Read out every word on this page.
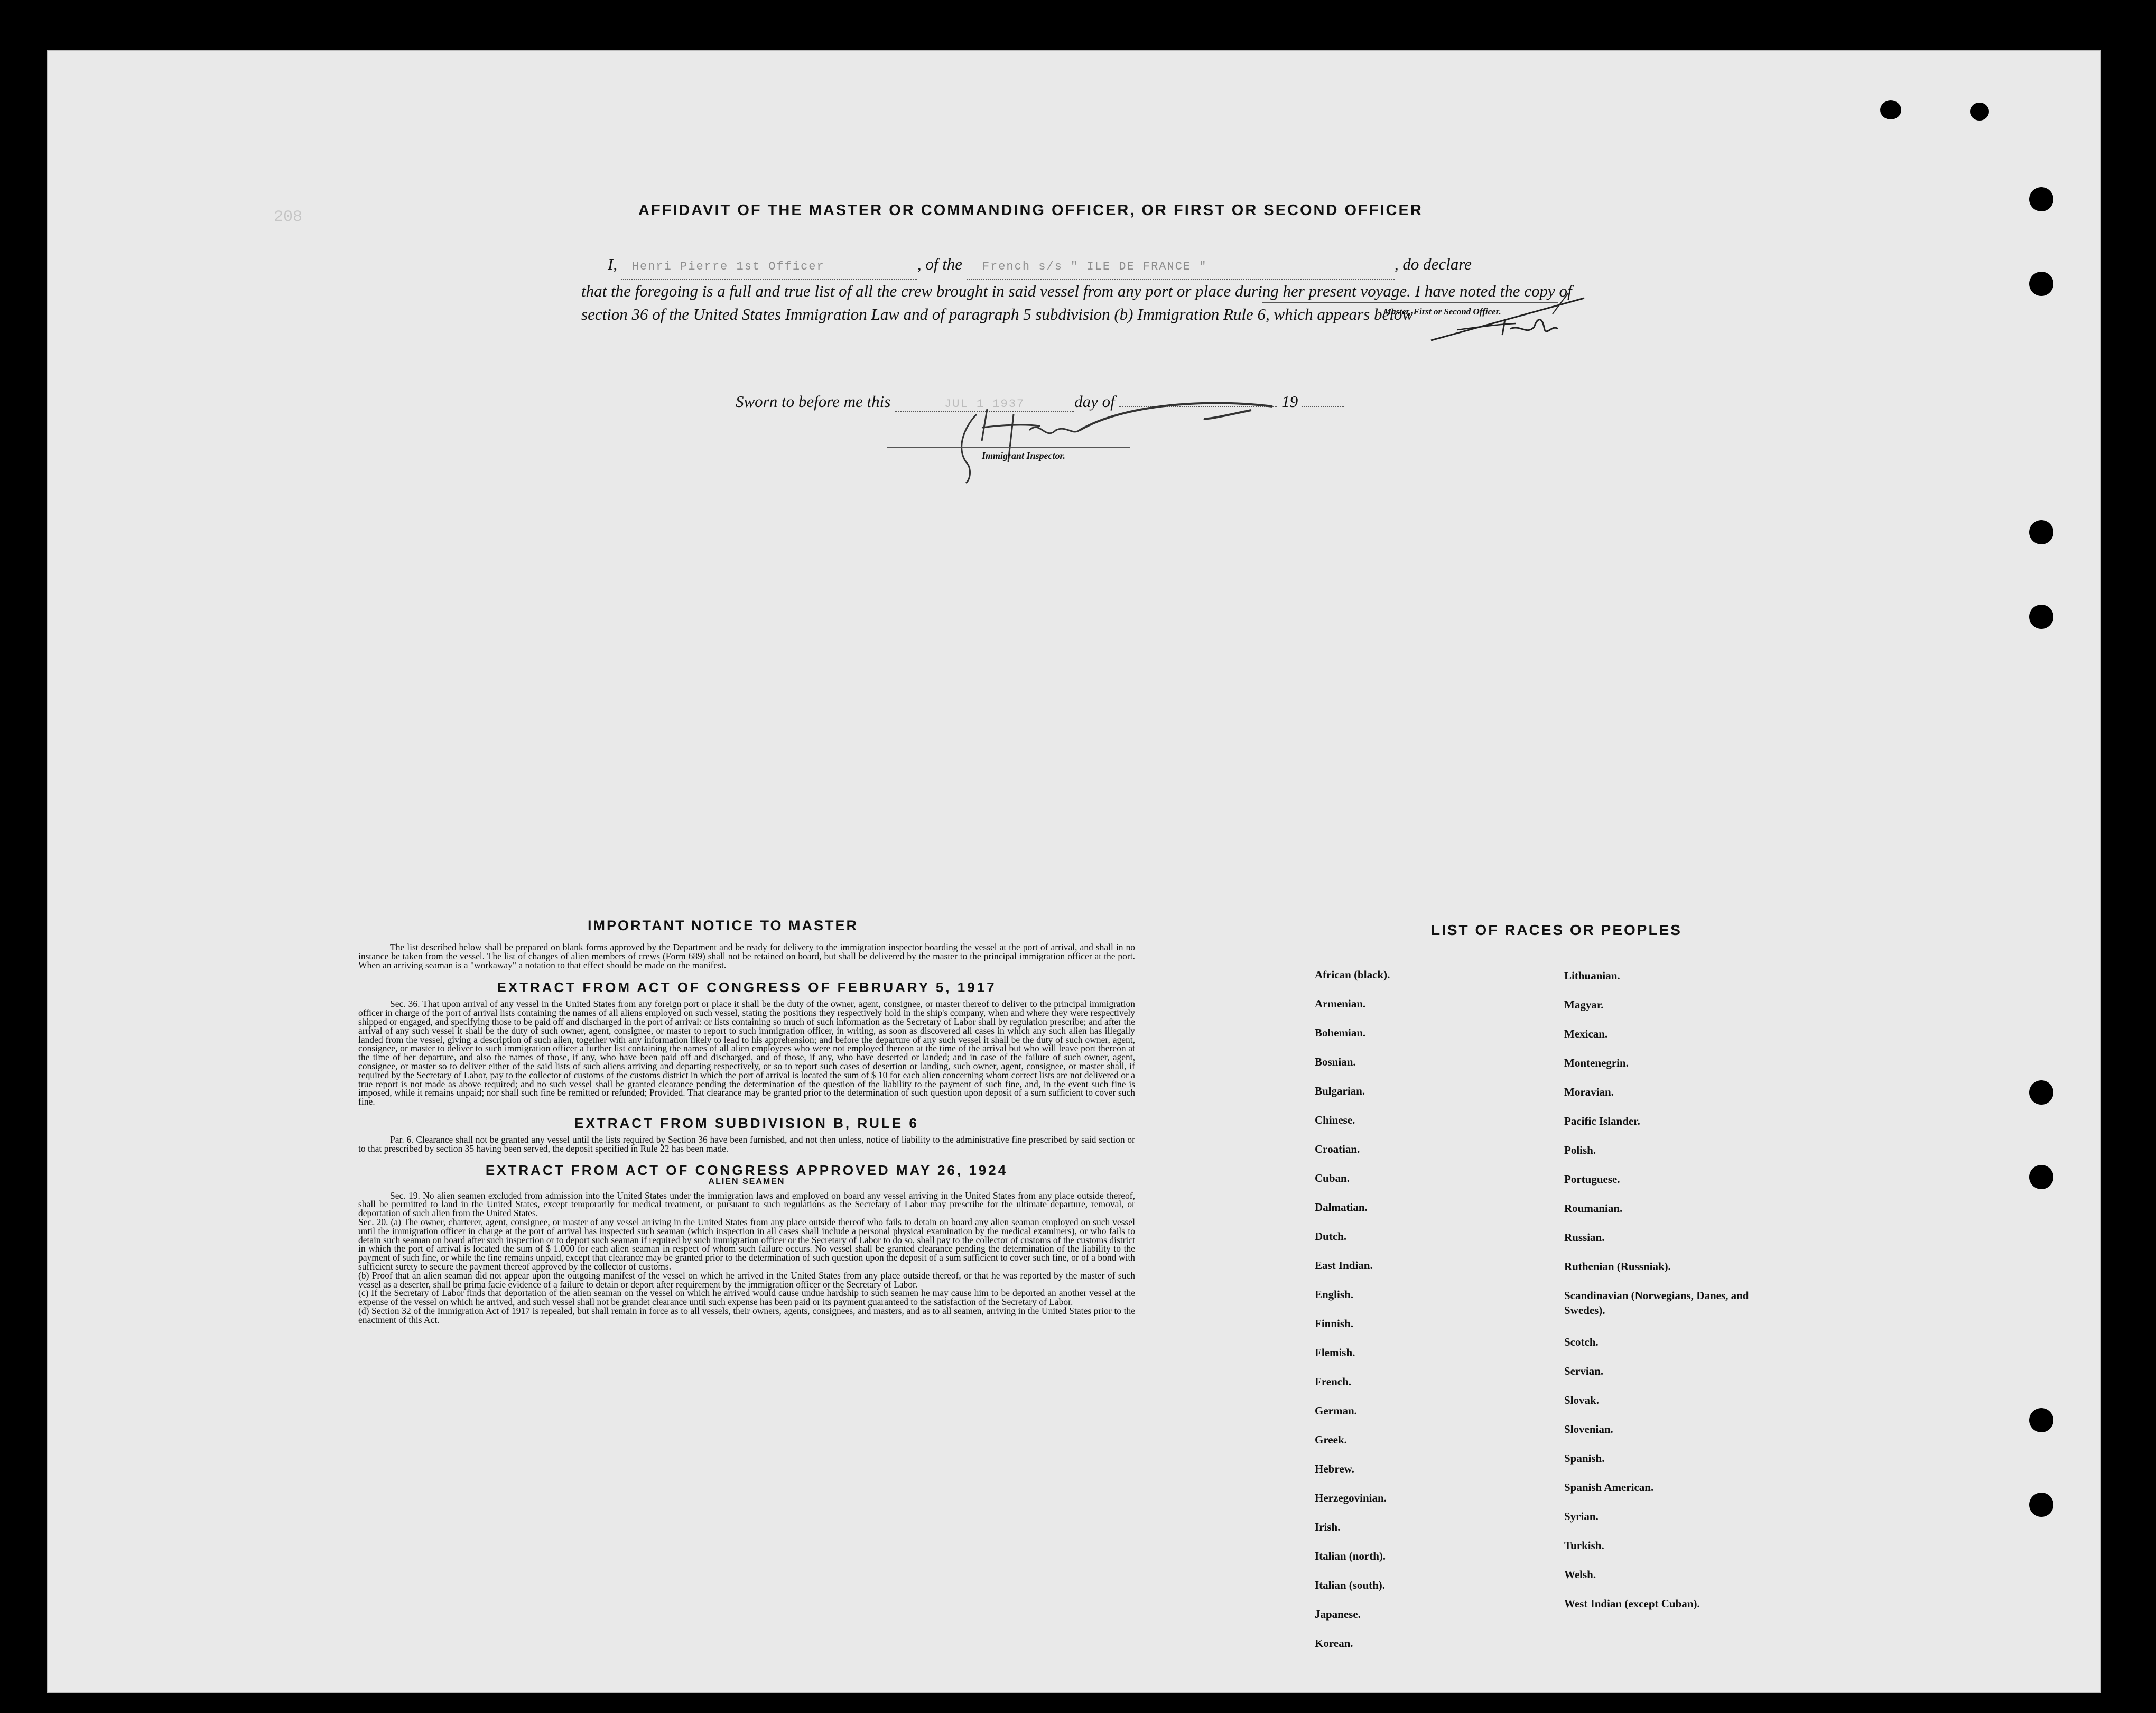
208	AFFIDAVIT OF THE MASTER OR COMMANDING OFFICER, OR FIRST OR SECOND OFFICER
I, Henri Pierre 1st Officer	, of the French s/s " ILE DE FRANCE "	, do declare
that the foregoing is a full and true list of all the crew brought in said vessel from any port or place during her present voyage. I have noted the copy of section 36 of the United States Immigration Law and of paragraph 5 subdivision (b) Immigration Rule 6, which appears below
Master, First or Second Officer.
Sworn to before me this	JUL 1 1937	day of	19
Immigrant Inspector.

IMPORTANT NOTICE TO MASTER
The list described below shall be prepared on blank forms approved by the Department and be ready for delivery to the immigration inspector boarding the vessel at the port of arrival, and shall in no instance be taken from the vessel. The list of changes of alien members of crews (Form 689) shall not be retained on board, but shall be delivered by the master to the principal immigration officer at the port. When an arriving seaman is a "workaway" a notation to that effect should be made on the manifest.
EXTRACT FROM ACT OF CONGRESS OF FEBRUARY 5, 1917
Sec. 36. That upon arrival of any vessel in the United States from any foreign port or place it shall be the duty of the owner, agent, consignee, or master thereof to deliver to the principal immigration officer in charge of the port of arrival lists containing the names of all aliens employed on such vessel, stating the positions they respectively hold in the ship's company, when and where they were respectively shipped or engaged, and specifying those to be paid off and discharged in the port of arrival: or lists containing so much of such information as the Secretary of Labor shall by regulation prescribe; and after the arrival of any such vessel it shall be the duty of such owner, agent, consignee, or master to report to such immigration officer, in writing, as soon as discovered all cases in which any such alien has illegally landed from the vessel, giving a description of such alien, together with any information likely to lead to his apprehension; and before the departure of any such vessel it shall be the duty of such owner, agent, consignee, or master to deliver to such immigration officer a further list containing the names of all alien employees who were not employed thereon at the time of the arrival but who will leave port thereon at the time of her departure, and also the names of those, if any, who have been paid off and discharged, and of those, if any, who have deserted or landed; and in case of the failure of such owner, agent, consignee, or master so to deliver either of the said lists of such aliens arriving and departing respectively, or so to report such cases of desertion or landing, such owner, agent, consignee, or master shall, if required by the Secretary of Labor, pay to the collector of customs of the customs district in which the port of arrival is located the sum of $ 10 for each alien concerning whom correct lists are not delivered or a true report is not made as above required; and no such vessel shall be granted clearance pending the determination of the question of the liability to the payment of such fine, and, in the event such fine is imposed, while it remains unpaid; nor shall such fine be remitted or refunded; Provided. That clearance may be granted prior to the determination of such question upon deposit of a sum sufficient to cover such fine.
EXTRACT FROM SUBDIVISION B, RULE 6
Par. 6. Clearance shall not be granted any vessel until the lists required by Section 36 have been furnished, and not then unless, notice of liability to the administrative fine prescribed by said section or to that prescribed by section 35 having been served, the deposit specified in Rule 22 has been made.
EXTRACT FROM ACT OF CONGRESS APPROVED MAY 26, 1924
ALIEN SEAMEN
Sec. 19. No alien seamen excluded from admission into the United States under the immigration laws and employed on board any vessel arriving in the United States from any place outside thereof, shall be permitted to land in the United States, except temporarily for medical treatment, or pursuant to such regulations as the Secretary of Labor may prescribe for the ultimate departure, removal, or deportation of such alien from the United States.
Sec. 20. (a) The owner, charterer, agent, consignee, or master of any vessel arriving in the United States from any place outside thereof who fails to detain on board any alien seaman employed on such vessel until the immigration officer in charge at the port of arrival has inspected such seaman (which inspection in all cases shall include a personal physical examination by the medical examiners), or who fails to detain such seaman on board after such inspection or to deport such seaman if required by such immigration officer or the Secretary of Labor to do so, shall pay to the collector of customs of the customs district in which the port of arrival is located the sum of $ 1.000 for each alien seaman in respect of whom such failure occurs. No vessel shall be granted clearance pending the determination of the liability to the payment of such fine, or while the fine remains unpaid, except that clearance may be granted prior to the determination of such question upon the deposit of a sum sufficient to cover such fine, or of a bond with sufficient surety to secure the payment thereof approved by the collector of customs.
(b) Proof that an alien seaman did not appear upon the outgoing manifest of the vessel on which he arrived in the United States from any place outside thereof, or that he was reported by the master of such vessel as a deserter, shall be prima facie evidence of a failure to detain or deport after requirement by the immigration officer or the Secretary of Labor.
(c) If the Secretary of Labor finds that deportation of the alien seaman on the vessel on which he arrived would cause undue hardship to such seamen he may cause him to be deported an another vessel at the expense of the vessel on which he arrived, and such vessel shall not be grandet clearance until such expense has been paid or its payment guaranteed to the satisfaction of the Secretary of Labor.
(d) Section 32 of the Immigration Act of 1917 is repealed, but shall remain in force as to all vessels, their owners, agents, consignees, and masters, and as to all seamen, arriving in the United States prior to the enactment of this Act.
LIST OF RACES OR PEOPLES
African (black).
Armenian.
Bohemian.
Bosnian.
Bulgarian.
Chinese.
Croatian.
Cuban.
Dalmatian.
Dutch.
East Indian.
English.
Finnish.
Flemish.
French.
German.
Greek.
Hebrew.
Herzegovinian.
Irish.
Italian (north).
Italian (south).
Japanese.
Korean.
Lithuanian.
Magyar.
Mexican.
Montenegrin.
Moravian.
Pacific Islander.
Polish.
Portuguese.
Roumanian.
Russian.
Ruthenian (Russniak).
Scandinavian (Norwegians, Danes, and Swedes).
Scotch.
Servian.
Slovak.
Slovenian.
Spanish.
Spanish American.
Syrian.
Turkish.
Welsh.
West Indian (except Cuban).
